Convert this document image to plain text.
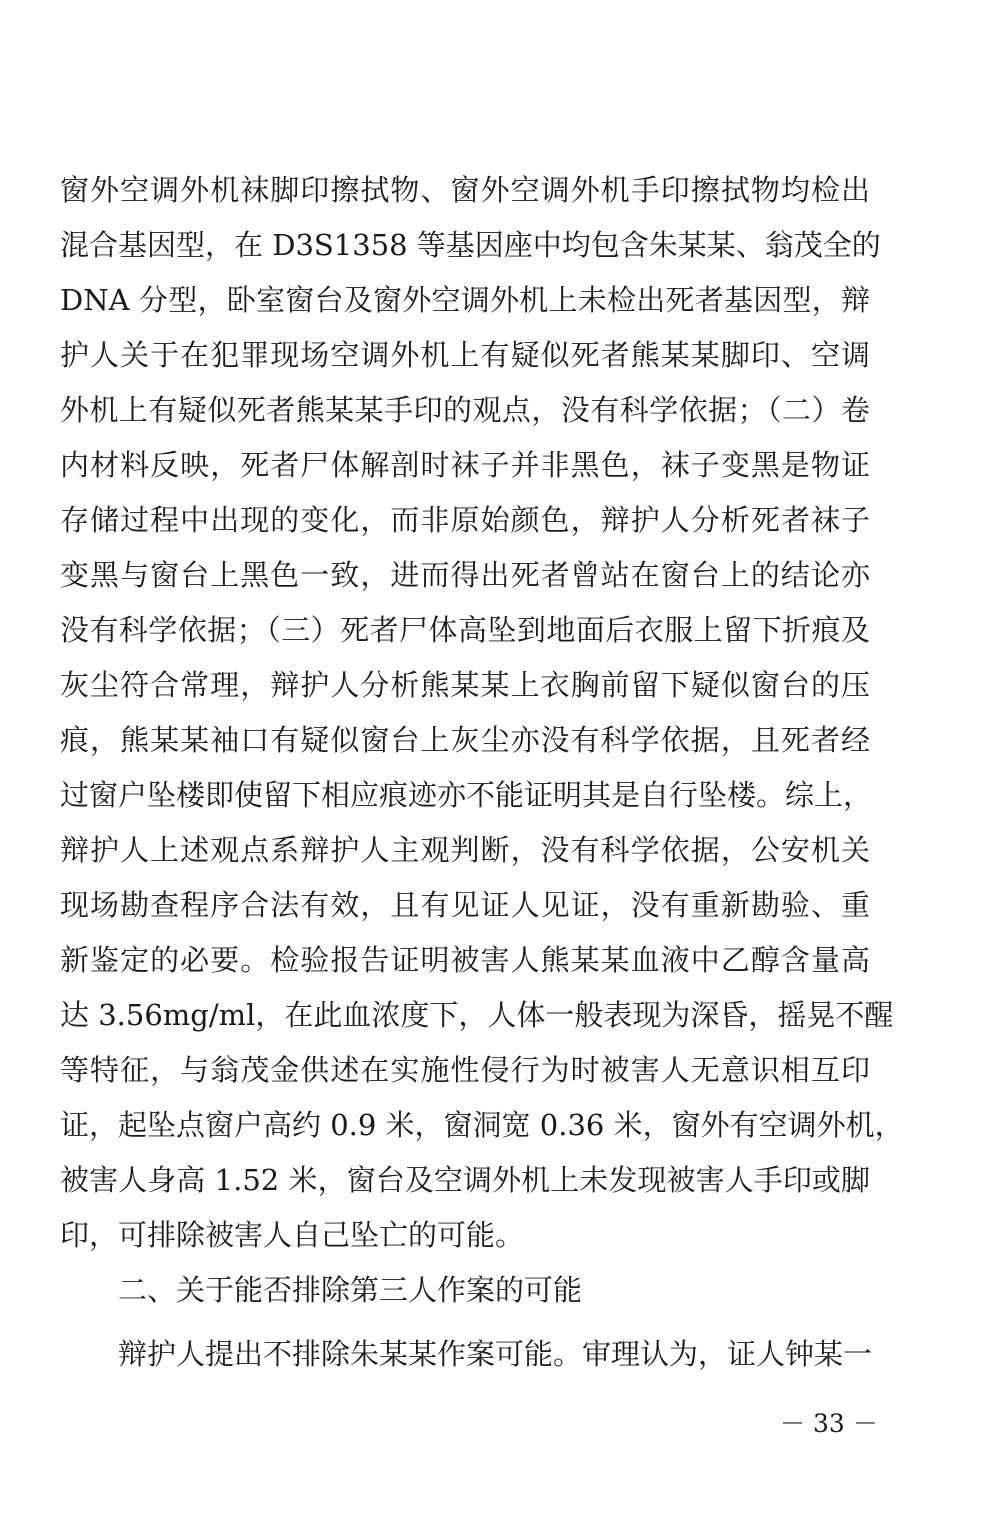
窗外空调外机袜脚印擦拭物、窗外空调外机手印擦拭物均检出
混合基因型，在 D3S1358 等基因座中均包含朱某某、翁茂全的
DNA 分型，卧室窗台及窗外空调外机上未检出死者基因型，辩
护人关于在犯罪现场空调外机上有疑似死者熊某某脚印、空调
外机上有疑似死者熊某某手印的观点，没有科学依据；（二）卷
内材料反映，死者尸体解剖时袜子并非黑色，袜子变黑是物证
存储过程中出现的变化，而非原始颜色，辩护人分析死者袜子
变黑与窗台上黑色一致，进而得出死者曾站在窗台上的结论亦
没有科学依据；（三）死者尸体高坠到地面后衣服上留下折痕及
灰尘符合常理，辩护人分析熊某某上衣胸前留下疑似窗台的压
痕，熊某某袖口有疑似窗台上灰尘亦没有科学依据，且死者经
过窗户坠楼即使留下相应痕迹亦不能证明其是自行坠楼。综上，
辩护人上述观点系辩护人主观判断，没有科学依据，公安机关
现场勘查程序合法有效，且有见证人见证，没有重新勘验、重
新鉴定的必要。检验报告证明被害人熊某某血液中乙醇含量高
达 3.56mg/ml，在此血浓度下，人体一般表现为深昏，摇晃不醒
等特征，与翁茂金供述在实施性侵行为时被害人无意识相互印
证，起坠点窗户高约 0.9 米，窗洞宽 0.36 米，窗外有空调外机，
被害人身高 1.52 米，窗台及空调外机上未发现被害人手印或脚
印，可排除被害人自己坠亡的可能。
二、关于能否排除第三人作案的可能
辩护人提出不排除朱某某作案可能。审理认为，证人钟某一
－ 33 －
